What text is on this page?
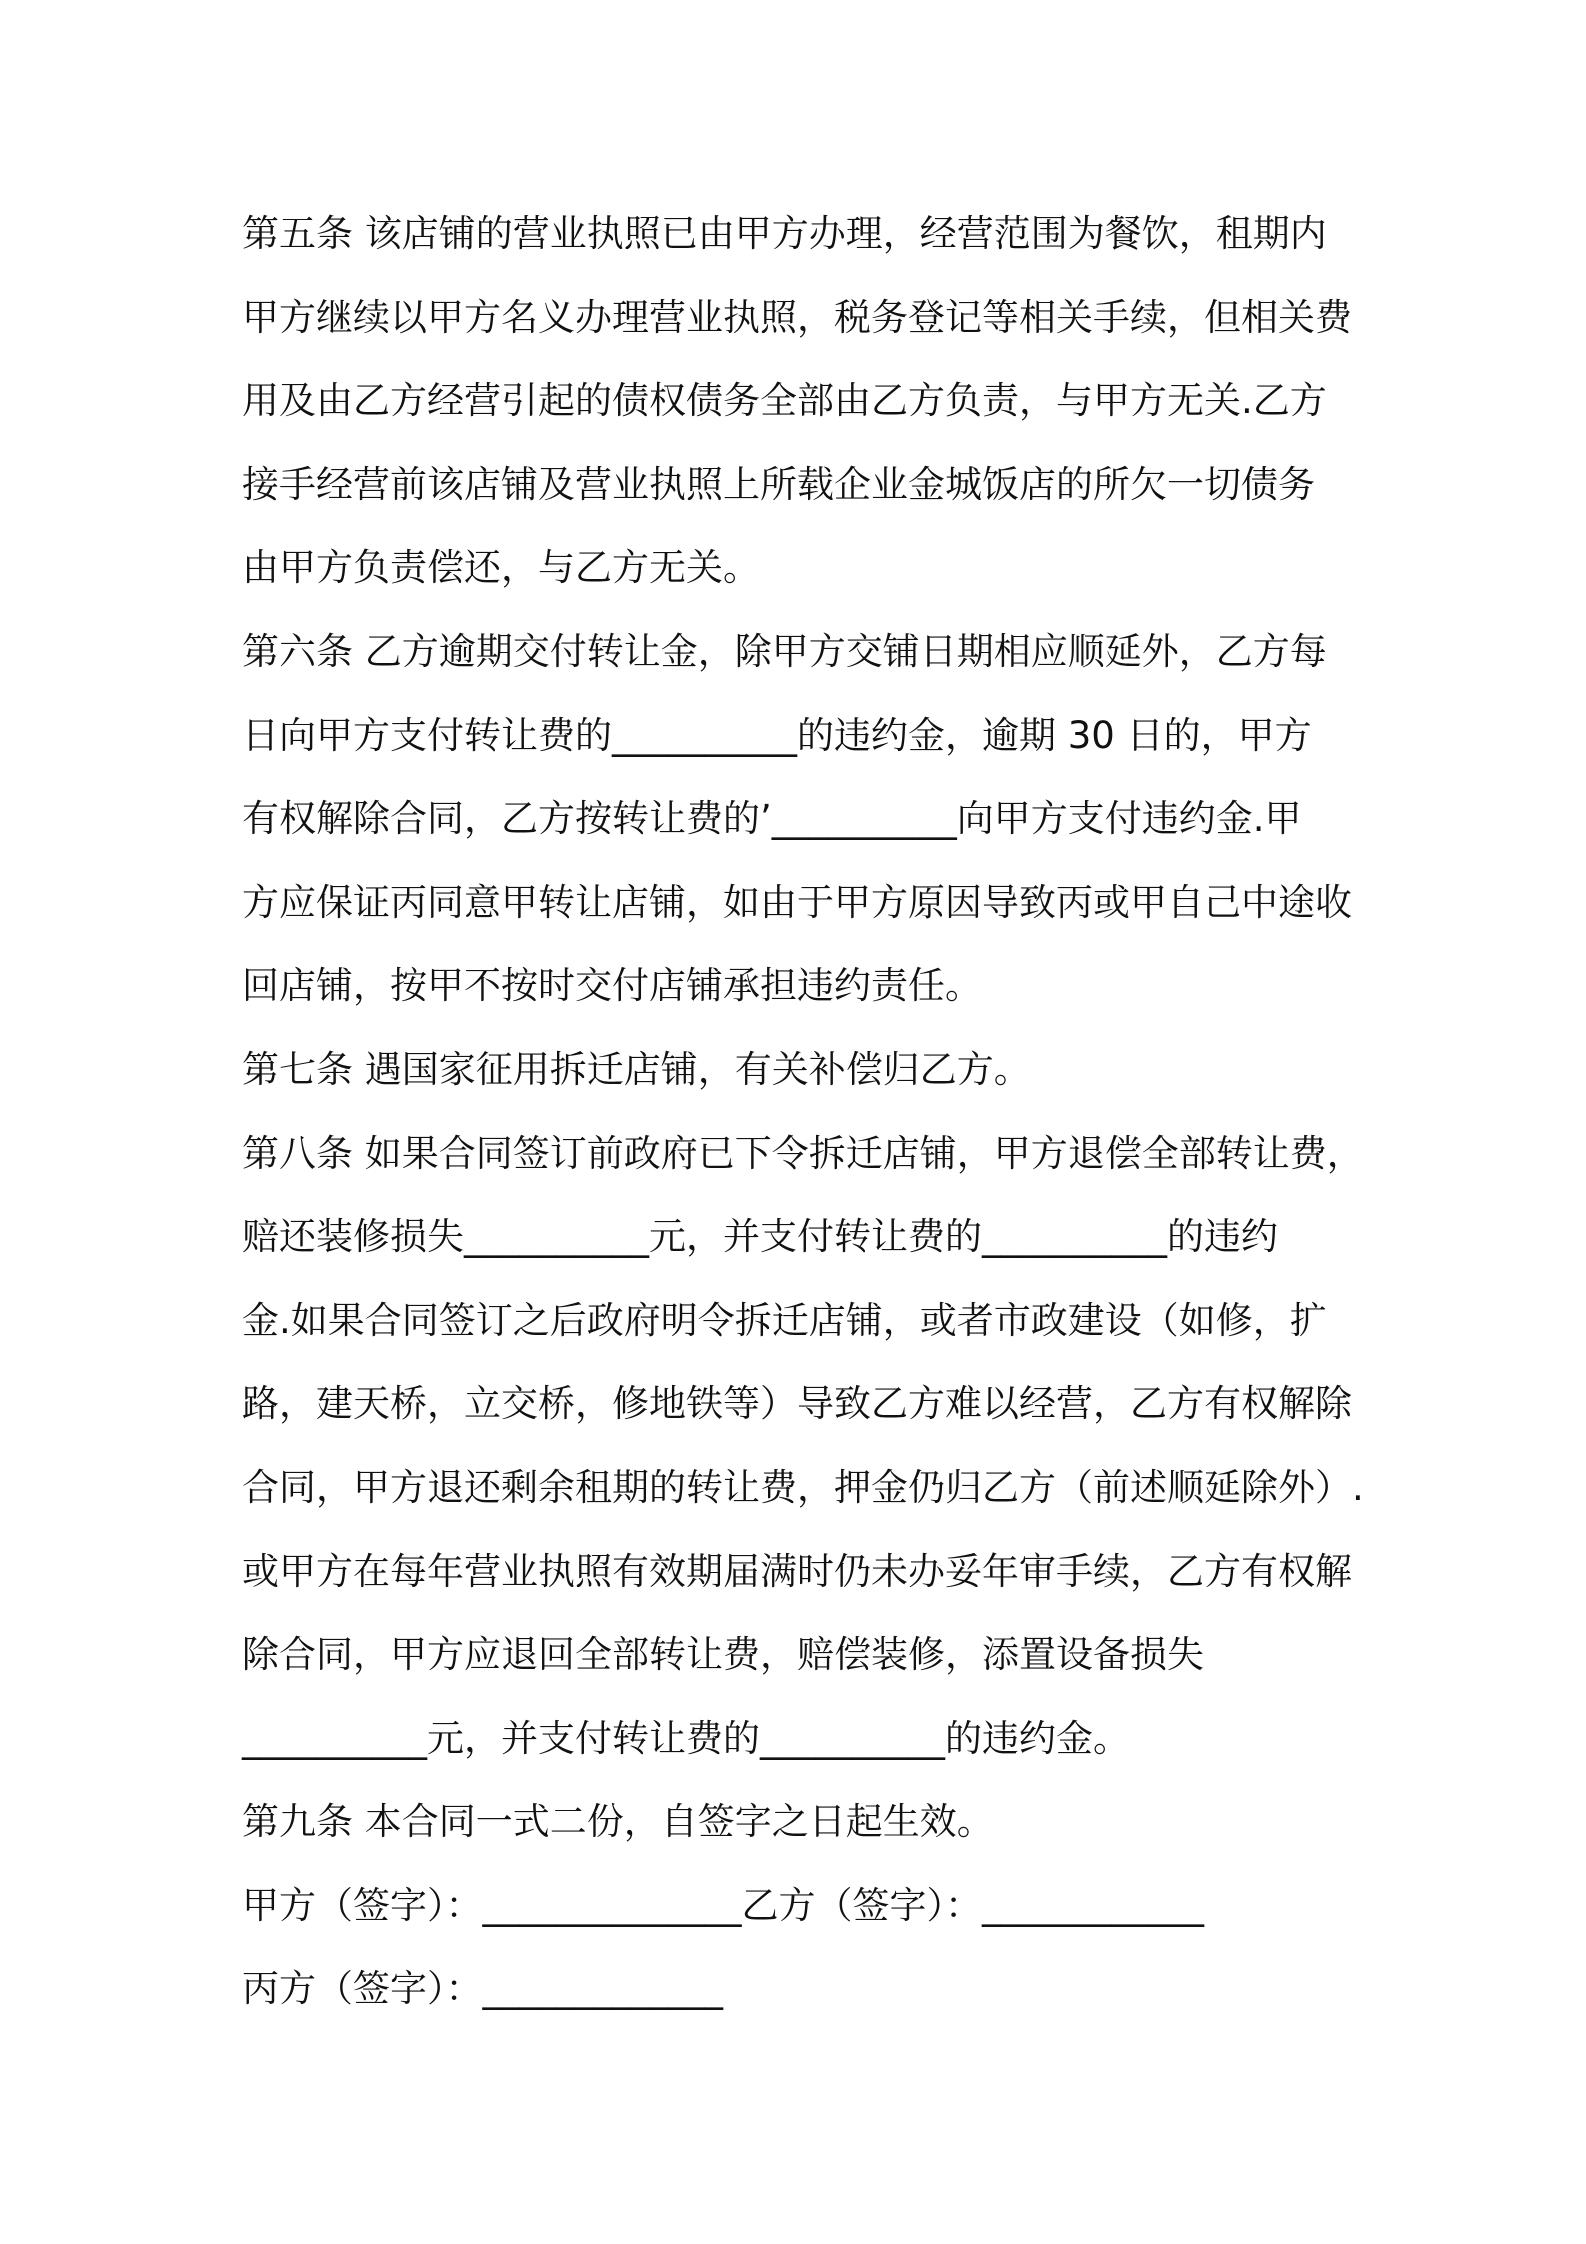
第五条 该店铺的营业执照已由甲方办理，经营范围为餐饮，租期内
甲方继续以甲方名义办理营业执照，税务登记等相关手续，但相关费
用及由乙方经营引起的债权债务全部由乙方负责，与甲方无关.乙方
接手经营前该店铺及营业执照上所载企业金城饭店的所欠一切债务
由甲方负责偿还，与乙方无关。
第六条 乙方逾期交付转让金，除甲方交铺日期相应顺延外，乙方每
日向甲方支付转让费的__________的违约金，逾期 30 日的，甲方
有权解除合同，乙方按转让费的’__________向甲方支付违约金.甲
方应保证丙同意甲转让店铺，如由于甲方原因导致丙或甲自己中途收
回店铺，按甲不按时交付店铺承担违约责任。
第七条 遇国家征用拆迁店铺，有关补偿归乙方。
第八条 如果合同签订前政府已下令拆迁店铺，甲方退偿全部转让费，
赔还装修损失__________元，并支付转让费的__________的违约
金.如果合同签订之后政府明令拆迁店铺，或者市政建设（如修，扩
路，建天桥，立交桥，修地铁等）导致乙方难以经营，乙方有权解除
合同，甲方退还剩余租期的转让费，押金仍归乙方（前述顺延除外）.
或甲方在每年营业执照有效期届满时仍未办妥年审手续，乙方有权解
除合同，甲方应退回全部转让费，赔偿装修，添置设备损失
__________元，并支付转让费的__________的违约金。
第九条 本合同一式二份，自签字之日起生效。
甲方（签字）：______________乙方（签字）：____________
丙方（签字）：_____________
